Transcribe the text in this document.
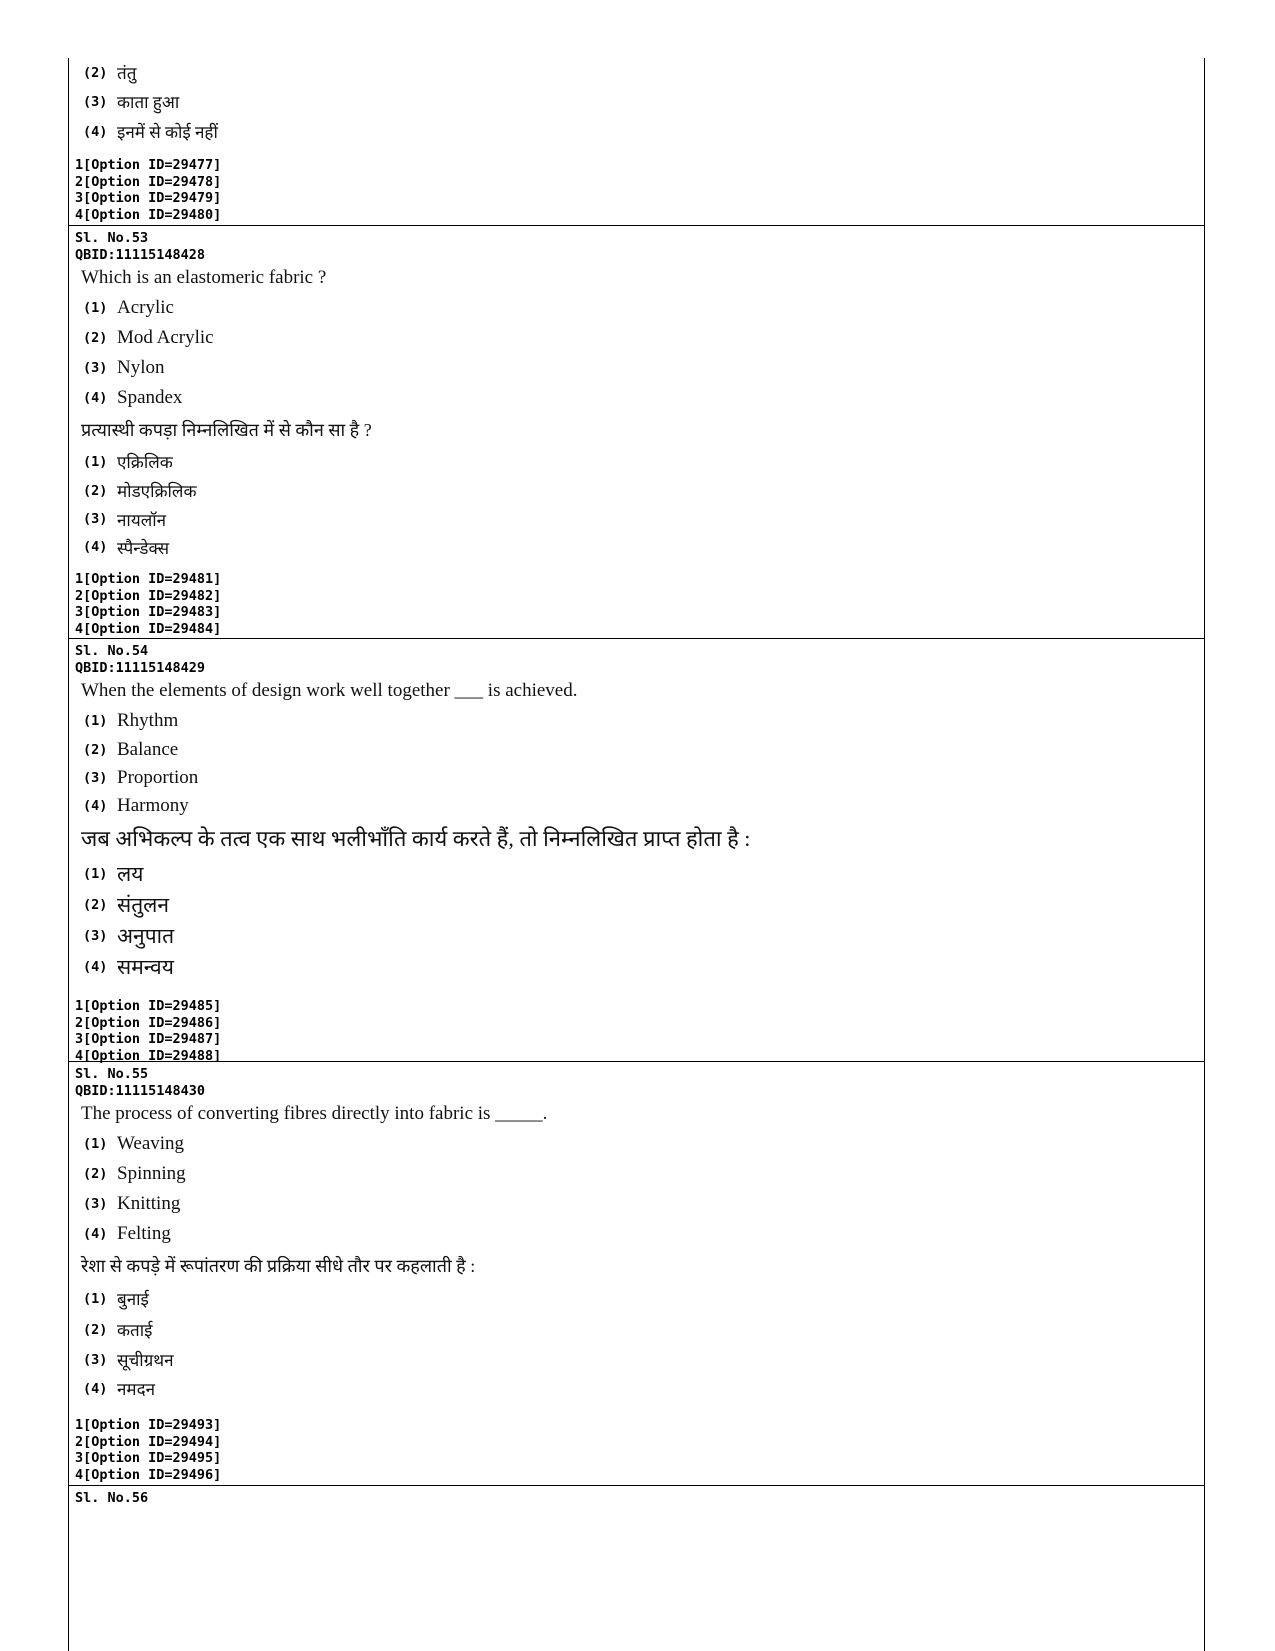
(2) तंतु
(3) काता हुआ
(4) इनमें से कोई नहीं
1[Option ID=29477]
2[Option ID=29478]
3[Option ID=29479]
4[Option ID=29480]
Sl. No.53
QBID:11115148428
Which is an elastomeric fabric ?
(1) Acrylic
(2) Mod Acrylic
(3) Nylon
(4) Spandex
प्रत्यास्थी कपड़ा निम्नलिखित में से कौन सा है ?
(1) एक्रिलिक
(2) मोडएक्रिलिक
(3) नायलॉन
(4) स्पैन्डेक्स
1[Option ID=29481]
2[Option ID=29482]
3[Option ID=29483]
4[Option ID=29484]
Sl. No.54
QBID:11115148429
When the elements of design work well together ___ is achieved.
(1) Rhythm
(2) Balance
(3) Proportion
(4) Harmony
जब अभिकल्प के तत्व एक साथ भलीभाँति कार्य करते हैं, तो निम्नलिखित प्राप्त होता है :
(1) लय
(2) संतुलन
(3) अनुपात
(4) समन्वय
1[Option ID=29485]
2[Option ID=29486]
3[Option ID=29487]
4[Option ID=29488]
Sl. No.55
QBID:11115148430
The process of converting fibres directly into fabric is _____.
(1) Weaving
(2) Spinning
(3) Knitting
(4) Felting
रेशा से कपड़े में रूपांतरण की प्रक्रिया सीधे तौर पर कहलाती है :
(1) बुनाई
(2) कताई
(3) सूचीग्रथन
(4) नमदन
1[Option ID=29493]
2[Option ID=29494]
3[Option ID=29495]
4[Option ID=29496]
Sl. No.56
